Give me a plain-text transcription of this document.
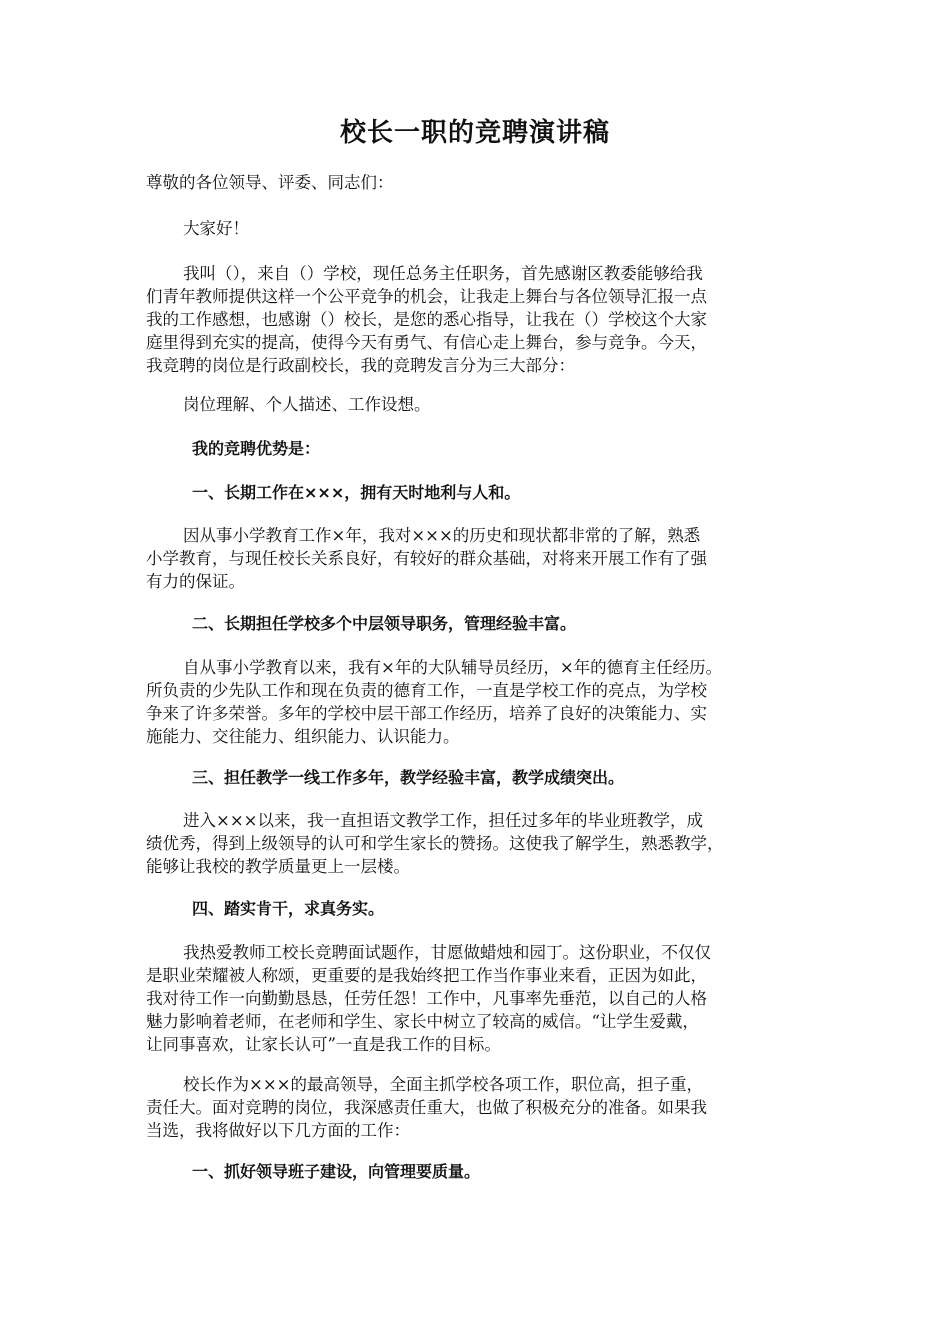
校长一职的竞聘演讲稿

尊敬的各位领导、评委、同志们：

大家好！

我叫（），来自（）学校，现任总务主任职务，首先感谢区教委能够给我
们青年教师提供这样一个公平竞争的机会，让我走上舞台与各位领导汇报一点
我的工作感想，也感谢（）校长，是您的悉心指导，让我在（）学校这个大家
庭里得到充实的提高，使得今天有勇气、有信心走上舞台，参与竞争。今天，
我竞聘的岗位是行政副校长，我的竞聘发言分为三大部分：

岗位理解、个人描述、工作设想。

我的竞聘优势是：

一、长期工作在×××，拥有天时地利与人和。

因从事小学教育工作×年，我对×××的历史和现状都非常的了解，熟悉
小学教育，与现任校长关系良好，有较好的群众基础，对将来开展工作有了强
有力的保证。

二、长期担任学校多个中层领导职务，管理经验丰富。

自从事小学教育以来，我有×年的大队辅导员经历，×年的德育主任经历。
所负责的少先队工作和现在负责的德育工作，一直是学校工作的亮点，为学校
争来了许多荣誉。多年的学校中层干部工作经历，培养了良好的决策能力、实
施能力、交往能力、组织能力、认识能力。

三、担任教学一线工作多年，教学经验丰富，教学成绩突出。

进入×××以来，我一直担语文教学工作，担任过多年的毕业班教学，成
绩优秀，得到上级领导的认可和学生家长的赞扬。这使我了解学生，熟悉教学，
能够让我校的教学质量更上一层楼。

四、踏实肯干，求真务实。

我热爱教师工校长竞聘面试题作，甘愿做蜡烛和园丁。这份职业，不仅仅
是职业荣耀被人称颂，更重要的是我始终把工作当作事业来看，正因为如此，
我对待工作一向勤勤恳恳，任劳任怨！工作中，凡事率先垂范，以自己的人格
魅力影响着老师，在老师和学生、家长中树立了较高的威信。“让学生爱戴，
让同事喜欢，让家长认可”一直是我工作的目标。

校长作为×××的最高领导，全面主抓学校各项工作，职位高，担子重，
责任大。面对竞聘的岗位，我深感责任重大，也做了积极充分的准备。如果我
当选，我将做好以下几方面的工作：

一、抓好领导班子建设，向管理要质量。
